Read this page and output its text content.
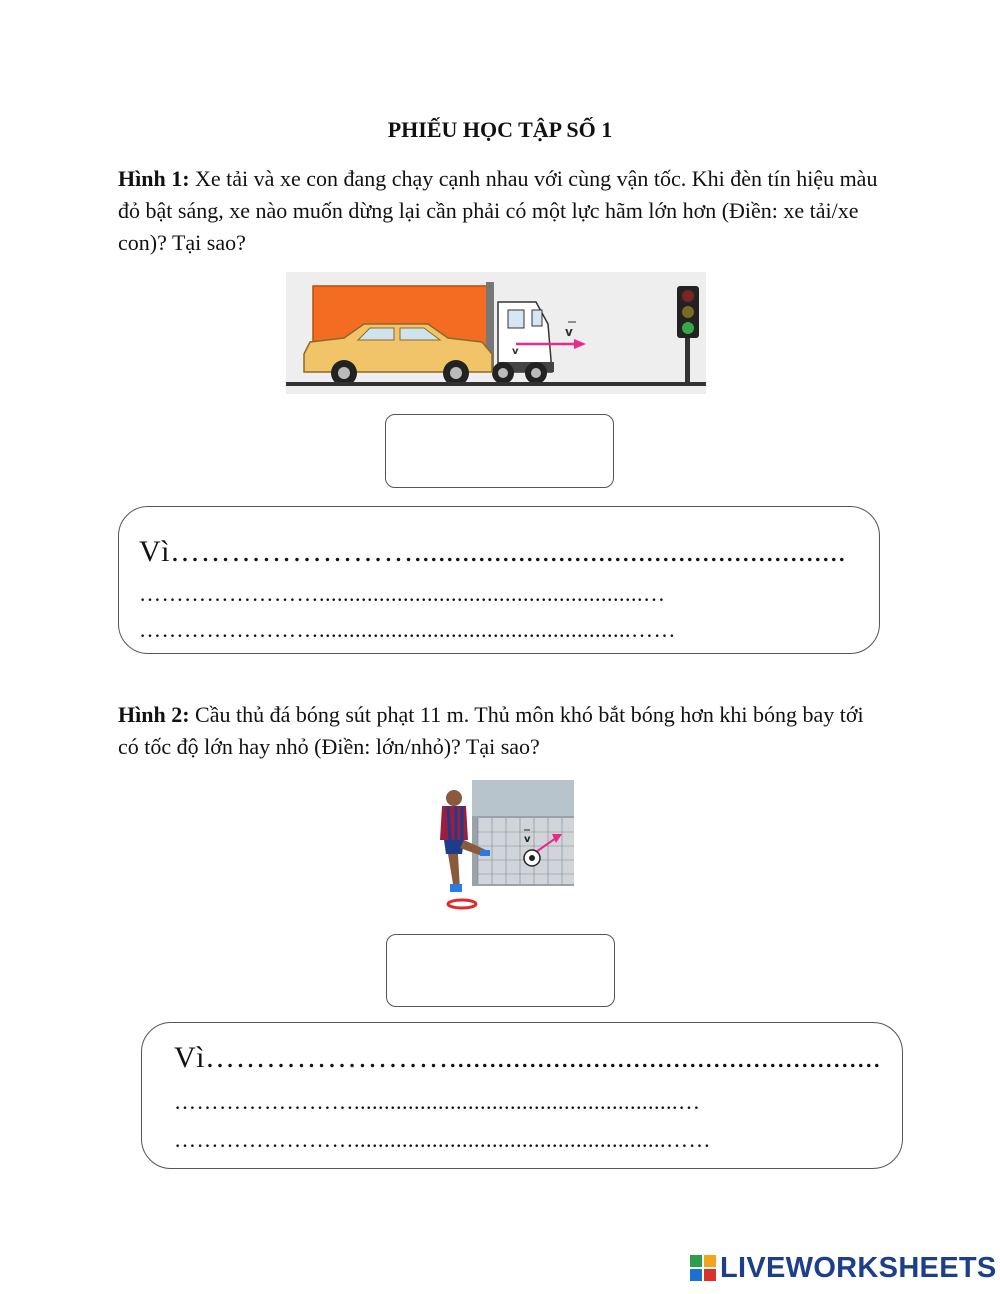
PHIẾU HỌC TẬP SỐ 1
Hình 1: Xe tải và xe con đang chạy cạnh nhau với cùng vận tốc. Khi đèn tín hiệu màu đỏ bật sáng, xe nào muốn dừng lại cần phải có một lực hãm lớn hơn (Điền: xe tải/xe con)? Tại sao?
v
v
Vì……………………......................................................
……………………......................................................…
……………………....................................................……
Hình 2: Cầu thủ đá bóng sút phạt 11 m. Thủ môn khó bắt bóng hơn khi bóng bay tới có tốc độ lớn hay nhỏ (Điền: lớn/nhỏ)? Tại sao?
v
Vì……………………......................................................
……………………......................................................…
……………………....................................................……
LIVEWORKSHEETS
